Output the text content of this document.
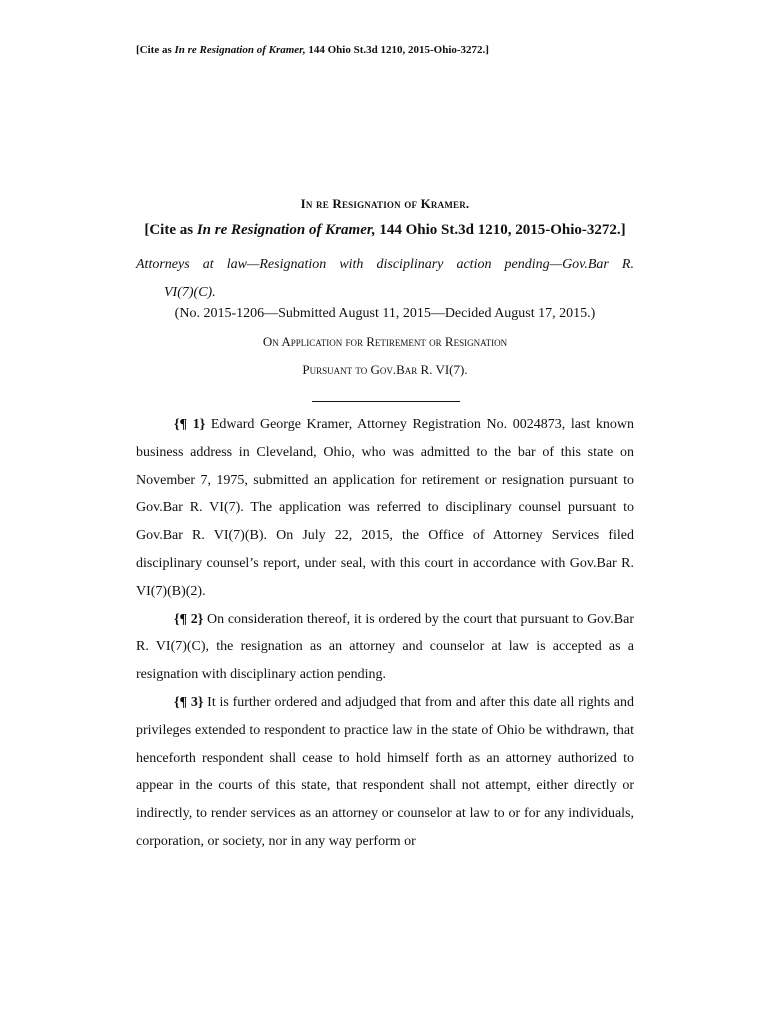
[Cite as In re Resignation of Kramer, 144 Ohio St.3d 1210, 2015-Ohio-3272.]
In re Resignation of Kramer.
[Cite as In re Resignation of Kramer, 144 Ohio St.3d 1210, 2015-Ohio-3272.]
Attorneys at law—Resignation with disciplinary action pending—Gov.Bar R.
VI(7)(C).
(No. 2015-1206—Submitted August 11, 2015—Decided August 17, 2015.)
On Application for Retirement or Resignation
Pursuant to Gov.Bar R. VI(7).

{¶ 1} Edward George Kramer, Attorney Registration No. 0024873, last known business address in Cleveland, Ohio, who was admitted to the bar of this state on November 7, 1975, submitted an application for retirement or resignation pursuant to Gov.Bar R. VI(7). The application was referred to disciplinary counsel pursuant to Gov.Bar R. VI(7)(B). On July 22, 2015, the Office of Attorney Services filed disciplinary counsel’s report, under seal, with this court in accordance with Gov.Bar R. VI(7)(B)(2).

{¶ 2} On consideration thereof, it is ordered by the court that pursuant to Gov.Bar R. VI(7)(C), the resignation as an attorney and counselor at law is accepted as a resignation with disciplinary action pending.

{¶ 3} It is further ordered and adjudged that from and after this date all rights and privileges extended to respondent to practice law in the state of Ohio be withdrawn, that henceforth respondent shall cease to hold himself forth as an attorney authorized to appear in the courts of this state, that respondent shall not attempt, either directly or indirectly, to render services as an attorney or counselor at law to or for any individuals, corporation, or society, nor in any way perform or
